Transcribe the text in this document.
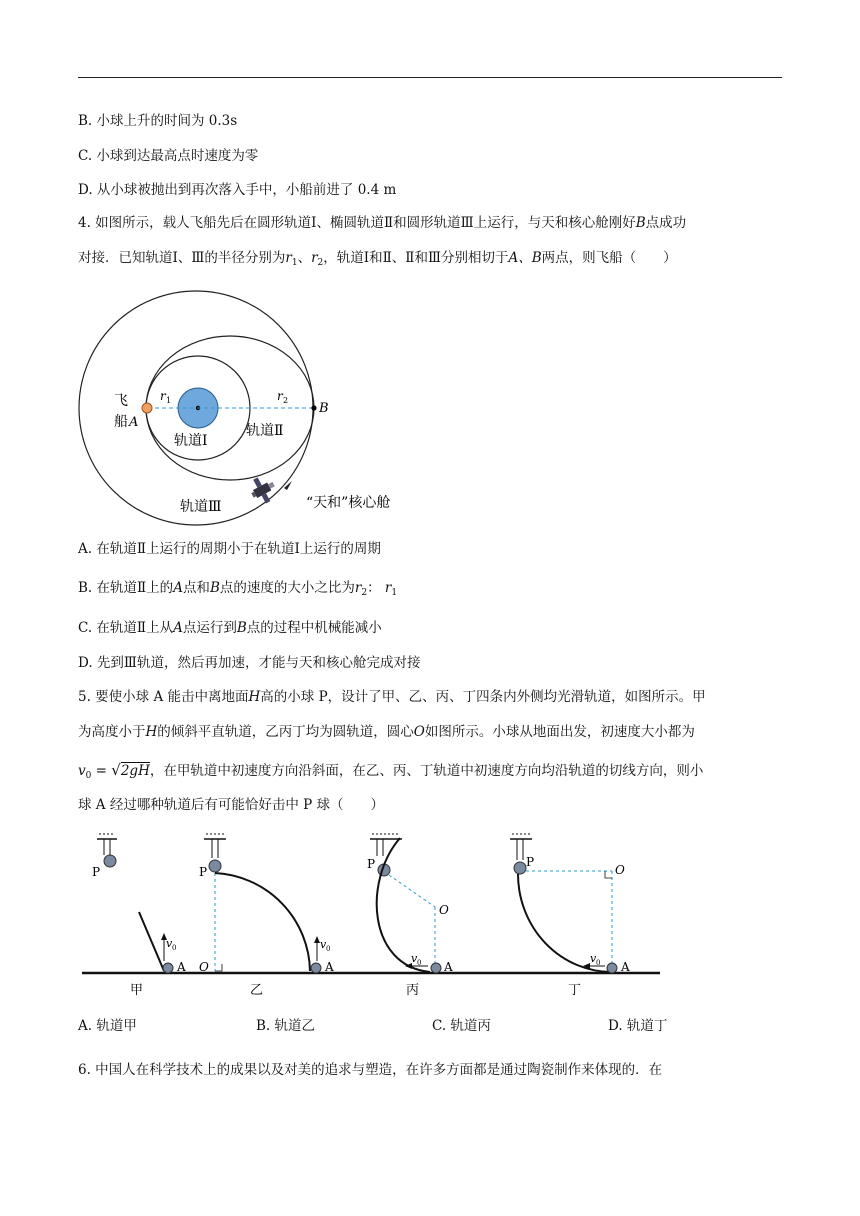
B. 小球上升的时间为 0.3s
C. 小球到达最高点时速度为零
D. 从小球被抛出到再次落入手中，小船前进了 0.4 m
4. 如图所示，载人飞船先后在圆形轨道Ⅰ、椭圆轨道Ⅱ和圆形轨道Ⅲ上运行，与天和核心舱刚好B点成功
对接．已知轨道Ⅰ、Ⅲ的半径分别为$r_1$、$r_2$，轨道Ⅰ和Ⅱ、Ⅱ和Ⅲ分别相切于A、B两点，则飞船（　　）
飞
船 A
B
r 1	r 2
轨道Ⅰ
轨道Ⅱ
轨道Ⅲ	“天和”核心舱
A. 在轨道Ⅱ上运行的周期小于在轨道Ⅰ上运行的周期
B. 在轨道Ⅱ上的A点和B点的速度的大小之比为$r_2$： $r_1$
C. 在轨道Ⅱ上从A点运行到B点的过程中机械能减小
D. 先到Ⅲ轨道，然后再加速，才能与天和核心舱完成对接
5. 要使小球 A 能击中离地面H高的小球 P，设计了甲、乙、丙、丁四条内外侧均光滑轨道，如图所示。甲
为高度小于H的倾斜平直轨道，乙丙丁均为圆轨道，圆心O如图所示。小球从地面出发，初速度大小都为
$v_0 = √2gH$，在甲轨道中初速度方向沿斜面，在乙、丙、丁轨道中初速度方向均沿轨道的切线方向，则小
球 A 经过哪种轨道后有可能恰好击中 P 球（　　）
P
v 0
A
甲
P
O
v 0
A
乙
P
O
v 0 A
丙
P
O
v 0 A
丁
A. 轨道甲	B. 轨道乙	C. 轨道丙	D. 轨道丁
6. 中国人在科学技术上的成果以及对美的追求与塑造，在许多方面都是通过陶瓷制作来体现的．在
